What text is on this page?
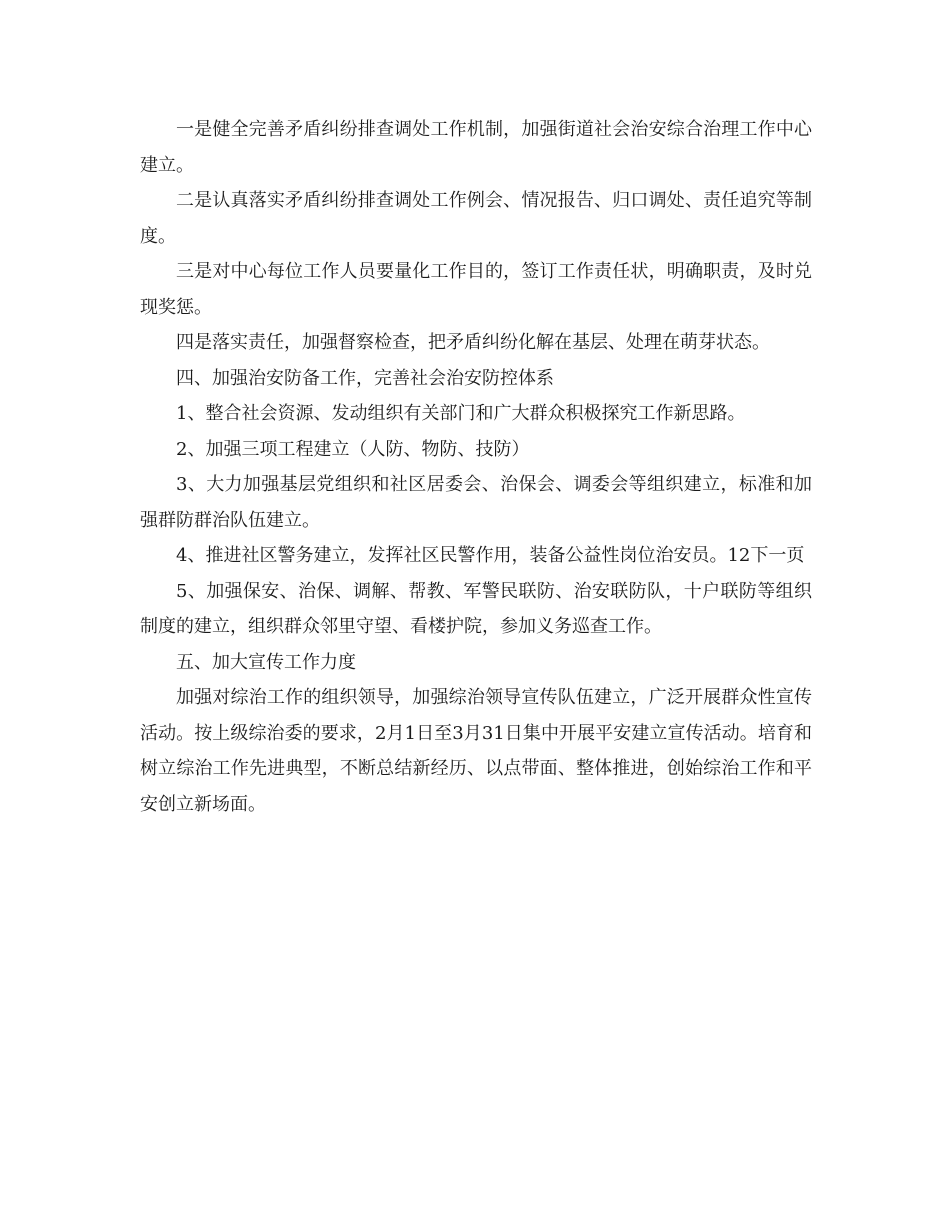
一是健全完善矛盾纠纷排查调处工作机制，加强街道社会治安综合治理工作中心建立。

二是认真落实矛盾纠纷排查调处工作例会、情况报告、归口调处、责任追究等制度。

三是对中心每位工作人员要量化工作目的，签订工作责任状，明确职责，及时兑现奖惩。

四是落实责任，加强督察检查，把矛盾纠纷化解在基层、处理在萌芽状态。

四、加强治安防备工作，完善社会治安防控体系

1、整合社会资源、发动组织有关部门和广大群众积极探究工作新思路。

2、加强三项工程建立（人防、物防、技防）

3、大力加强基层党组织和社区居委会、治保会、调委会等组织建立，标准和加强群防群治队伍建立。

4、推进社区警务建立，发挥社区民警作用，装备公益性岗位治安员。12下一页

5、加强保安、治保、调解、帮教、军警民联防、治安联防队，十户联防等组织制度的建立，组织群众邻里守望、看楼护院，参加义务巡查工作。

五、加大宣传工作力度

加强对综治工作的组织领导，加强综治领导宣传队伍建立，广泛开展群众性宣传活动。按上级综治委的要求，2月1日至3月31日集中开展平安建立宣传活动。培育和树立综治工作先进典型，不断总结新经历、以点带面、整体推进，创始综治工作和平安创立新场面。
